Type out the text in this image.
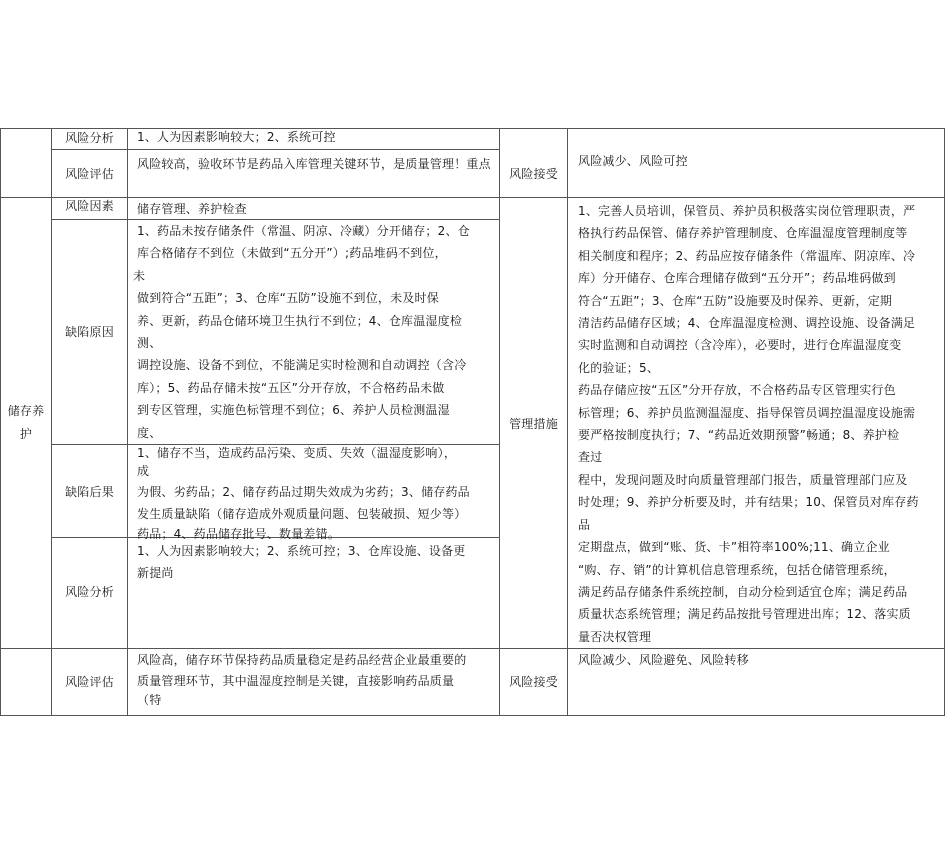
风险分析	1、人为因素影响较大；2、系统可控
风险评估
风险较高，验收环节是药品入库管理关键环节，是质量管理！重点
风险接受
风险减少、风险可控
储存养护
风险因素	储存管理、养护检查
缺陷原因
1、药品未按存储条件（常温、阴凉、冷藏）分开储存；2、仓
库合格储存不到位（未做到“五分开”）;药品堆码不到位，
未
做到符合“五距”；3、仓库“五防”设施不到位，未及时保
养、更新，药品仓储环境卫生执行不到位；4、仓库温湿度检
测、
调控设施、设备不到位，不能满足实时检测和自动调控（含冷
库）；5、药品存储未按“五区”分开存放，不合格药品未做
到专区管理，实施色标管理不到位；6、养护人员检测温湿
度、
缺陷后果
1、储存不当，造成药品污染、变质、失效（温湿度影响），
成
为假、劣药品；2、储存药品过期失效成为劣药；3、储存药品
发生质量缺陷（储存造成外观质量问题、包装破损、短少等）
药品；4、药品储存批号、数量差错。
风险分析
1、人为因素影响较大；2、系统可控；3、仓库设施、设备更
新提尚
管理措施
1、完善人员培训，保管员、养护员积极落实岗位管理职责，严
格执行药品保管、储存养护管理制度、仓库温湿度管理制度等
相关制度和程序；2、药品应按存储条件（常温库、阴凉库、冷
库）分开储存、仓库合理储存做到“五分开”；药品堆码做到
符合“五距”；3、仓库“五防”设施要及时保养、更新，定期
清洁药品储存区域；4、仓库温湿度检测、调控设施、设备满足
实时监测和自动调控（含冷库），必要时，进行仓库温湿度变
化的验证；5、
药品存储应按“五区”分开存放，不合格药品专区管理实行色
标管理；6、养护员监测温湿度、指导保管员调控温湿度设施需
要严格按制度执行；7、“药品近效期预警”畅通；8、养护检
查过
程中，发现问题及时向质量管理部门报告，质量管理部门应及
时处理；9、养护分析要及时，并有结果；10、保管员对库存药
品
定期盘点，做到“账、货、卡”相符率100%;11、确立企业
“购、存、销”的计算机信息管理系统，包括仓储管理系统，
满足药品存储条件系统控制，自动分检到适宜仓库；满足药品
质量状态系统管理；满足药品按批号管理进出库；12、落实质
量否决权管理
风险评估
风险高，储存环节保持药品质量稳定是药品经营企业最重要的
质量管理环节，其中温湿度控制是关键，直接影响药品质量
（特
风险接受
风险减少、风险避免、风险转移
